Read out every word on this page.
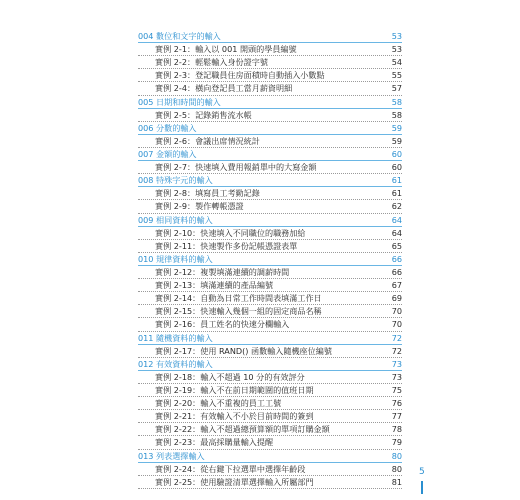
004 數位和文字的輸入	53
實例 2-1：輸入以 001 開頭的學員編號	53
實例 2-2：輕鬆輸入身份證字號	54
實例 2-3：登記職員住房面積時自動插入小數點	55
實例 2-4：橫向登記員工當月薪資明細	57
005 日期和時間的輸入	58
實例 2-5：記錄銷售流水帳	58
006 分數的輸入	59
實例 2-6：會議出席情況統計	59
007 金額的輸入	60
實例 2-7：快速填入費用報銷單中的大寫金額	60
008 特殊字元的輸入	61
實例 2-8：填寫員工考勤記錄	61
實例 2-9：製作轉帳憑證	62
009 相同資料的輸入	64
實例 2-10：快速填入不同職位的職務加給	64
實例 2-11：快速製作多份記帳憑證表單	65
010 規律資料的輸入	66
實例 2-12：複製填滿連續的調薪時間	66
實例 2-13：填滿連續的產品編號	67
實例 2-14：自動為日常工作時間表填滿工作日	69
實例 2-15：快速輸入幾個一組的固定商品名稱	70
實例 2-16：員工姓名的快速分欄輸入	70
011 隨機資料的輸入	72
實例 2-17：使用 RAND() 函數輸入隨機座位編號	72
012 有效資料的輸入	73
實例 2-18：輸入不超過 10 分的有效評分	73
實例 2-19：輸入不在前日期範圍的值班日期	75
實例 2-20：輸入不重複的員工工號	76
實例 2-21：有效輸入不小於目前時間的簽到	77
實例 2-22：輸入不超過總預算額的單項訂購金額	78
實例 2-23：最高採購量輸入提醒	79
013 列表選擇輸入	80
實例 2-24：從右鍵下拉選單中選擇年齡段	80
實例 2-25：使用驗證清單選擇輸入所屬部門	81
5
